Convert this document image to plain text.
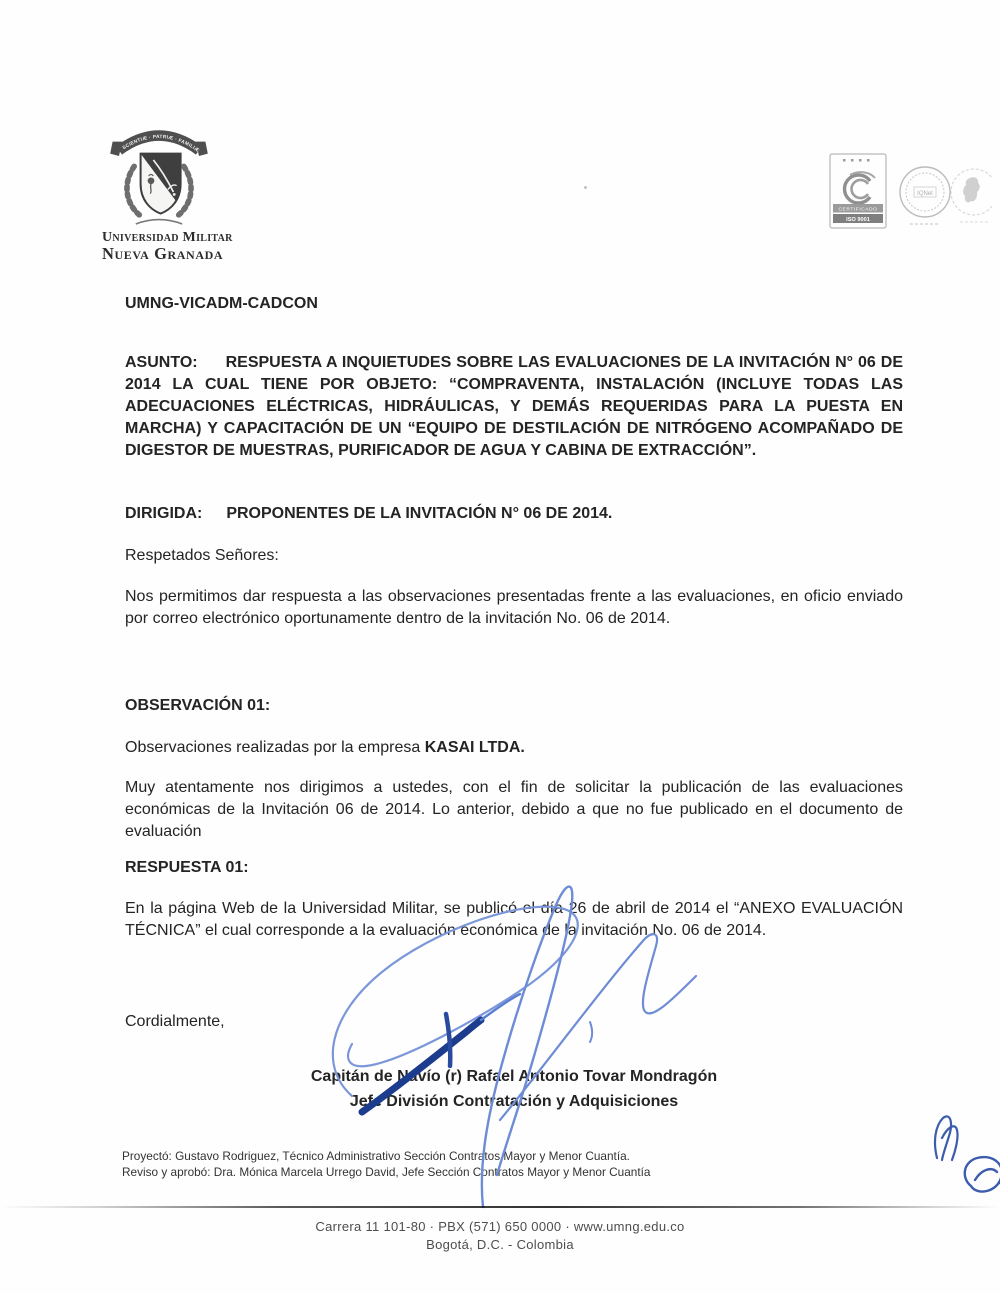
SCIENTIÆ · PATRIÆ · FAMILIÆ
Universidad Militar
Nueva Granada
CERTIFICADO
ISO 9001
IQNet

UMNG-VICADM-CADCON

ASUNTO: RESPUESTA A INQUIETUDES SOBRE LAS EVALUACIONES DE LA INVITACIÓN N° 06 DE 2014 LA CUAL TIENE POR OBJETO: “COMPRAVENTA, INSTALACIÓN (INCLUYE TODAS LAS ADECUACIONES ELÉCTRICAS, HIDRÁULICAS, Y DEMÁS REQUERIDAS PARA LA PUESTA EN MARCHA) Y CAPACITACIÓN DE UN “EQUIPO DE DESTILACIÓN DE NITRÓGENO ACOMPAÑADO DE DIGESTOR DE MUESTRAS, PURIFICADOR DE AGUA Y CABINA DE EXTRACCIÓN”.

DIRIGIDA: PROPONENTES DE LA INVITACIÓN N° 06 DE 2014.

Respetados Señores:

Nos permitimos dar respuesta a las observaciones presentadas frente a las evaluaciones, en oficio enviado por correo electrónico oportunamente dentro de la invitación No. 06 de 2014.

OBSERVACIÓN 01:

Observaciones realizadas por la empresa KASAI LTDA.

Muy atentamente nos dirigimos a ustedes, con el fin de solicitar la publicación de las evaluaciones económicas de la Invitación 06 de 2014. Lo anterior, debido a que no fue publicado en el documento de evaluación

RESPUESTA 01:

En la página Web de la Universidad Militar, se publicó el día 26 de abril de 2014 el “ANEXO EVALUACIÓN TÉCNICA” el cual corresponde a la evaluación económica de la invitación No. 06 de 2014.

Cordialmente,

Capitán de Navío (r) Rafael Antonio Tovar Mondragón

Jefe División Contratación y Adquisiciones

Proyectó: Gustavo Rodriguez, Técnico Administrativo Sección Contratos Mayor y Menor Cuantía.

Reviso y aprobó: Dra. Mónica Marcela Urrego David, Jefe Sección Contratos Mayor y Menor Cuantía

Carrera 11 101-80 · PBX (571) 650 0000 · www.umng.edu.co

Bogotá, D.C. - Colombia
